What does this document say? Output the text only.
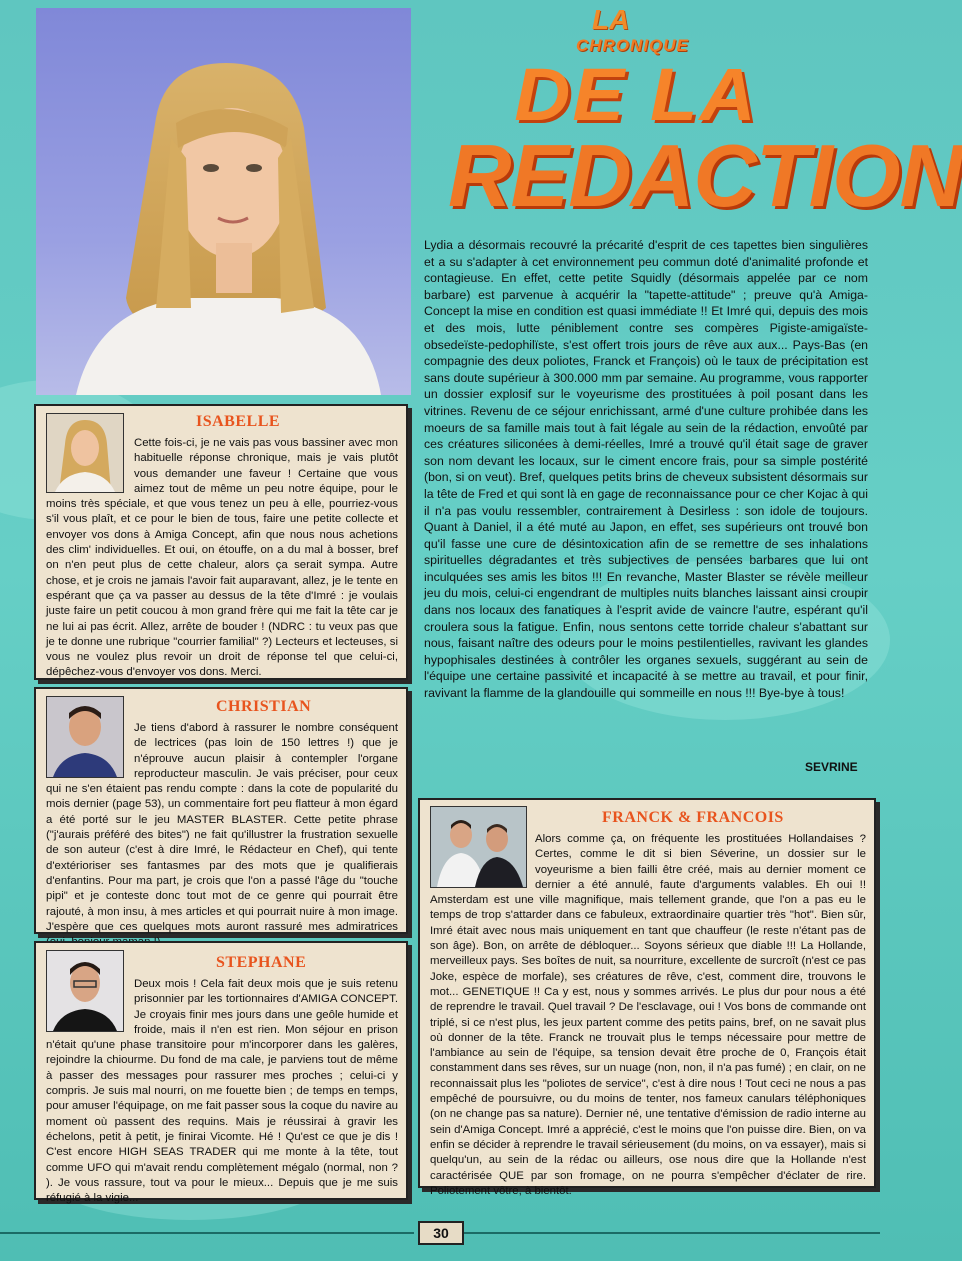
LA
CHRONIQUE
DE LA
REDACTION

Lydia a désormais recouvré la précarité d'esprit de ces tapettes bien singulières et a su s'adapter à cet environnement peu commun doté d'animalité profonde et contagieuse. En effet, cette petite Squidly (désormais appelée par ce nom barbare) est parvenue à acquérir la "tapette-attitude" ; preuve qu'à Amiga-Concept la mise en condition est quasi immédiate !! Et Imré qui, depuis des mois et des mois, lutte péniblement contre ses compères Pigiste-amigaïste-obsedeïste-pedophilïste, s'est offert trois jours de rêve aux aux... Pays-Bas (en compagnie des deux poliotes, Franck et François) où le taux de précipitation est sans doute supérieur à 300.000 mm par semaine. Au programme, vous rapporter un dossier explosif sur le voyeurisme des prostituées à poil posant dans les vitrines. Revenu de ce séjour enrichissant, armé d'une culture prohibée dans les moeurs de sa famille mais tout à fait légale au sein de la rédaction, envoûté par ces créatures siliconées à demi-réelles, Imré a trouvé qu'il était sage de graver son nom devant les locaux, sur le ciment encore frais, pour sa simple postérité (bon, si on veut). Bref, quelques petits brins de cheveux subsistent désormais sur la tête de Fred et qui sont là en gage de reconnaissance pour ce cher Kojac à qui il n'a pas voulu ressembler, contrairement à Desirless : son idole de toujours. Quant à Daniel, il a été muté au Japon, en effet, ses supérieurs ont trouvé bon qu'il fasse une cure de désintoxication afin de se remettre de ses inhalations spirituelles dégradantes et très subjectives de pensées barbares que lui ont inculquées ses amis les bitos !!! En revanche, Master Blaster se révèle meilleur jeu du mois, celui-ci engendrant de multiples nuits blanches laissant ainsi croupir dans nos locaux des fanatiques à l'esprit avide de vaincre l'autre, espérant qu'il croulera sous la fatigue. Enfin, nous sentons cette torride chaleur s'abattant sur nous, faisant naître des odeurs pour le moins pestilentielles, ravivant les glandes hypophisales destinées à contrôler les organes sexuels, suggérant au sein de l'équipe une certaine passivité et incapacité à se mettre au travail, et pour finir, ravivant la flamme de la glandouille qui sommeille en nous !!! Bye-bye à tous!

SEVRINE
ISABELLE
Cette fois-ci, je ne vais pas vous bassiner avec mon habituelle réponse chronique, mais je vais plutôt vous demander une faveur ! Certaine que vous aimez tout de même un peu notre équipe, pour le moins très spéciale, et que vous tenez un peu à elle, pourriez-vous s'il vous plaît, et ce pour le bien de tous, faire une petite collecte et envoyer vos dons à Amiga Concept, afin que nous nous achetions des clim' individuelles. Et oui, on étouffe, on a du mal à bosser, bref on n'en peut plus de cette chaleur, alors ça serait sympa. Autre chose, et je crois ne jamais l'avoir fait auparavant, allez, je le tente en espérant que ça va passer au dessus de la tête d'Imré : je voulais juste faire un petit coucou à mon grand frère qui me fait la tête car je ne lui ai pas écrit. Allez, arrête de bouder ! (NDRC : tu veux pas que je te donne une rubrique "courrier familial" ?) Lecteurs et lecteuses, si vous ne voulez plus revoir un droit de réponse tel que celui-ci, dépêchez-vous d'envoyer vos dons. Merci.
CHRISTIAN
Je tiens d'abord à rassurer le nombre conséquent de lectrices (pas loin de 150 lettres !) que je n'éprouve aucun plaisir à contempler l'organe reproducteur masculin. Je vais préciser, pour ceux qui ne s'en étaient pas rendu compte : dans la cote de popularité du mois dernier (page 53), un commentaire fort peu flatteur à mon égard a été porté sur le jeu MASTER BLASTER. Cette petite phrase ("j'aurais préféré des bites") ne fait qu'illustrer la frustration sexuelle de son auteur (c'est à dire Imré, le Rédacteur en Chef), qui tente d'extérioriser ses fantasmes par des mots que je qualifierais d'enfantins. Pour ma part, je crois que l'on a passé l'âge du "touche pipi" et je conteste donc tout mot de ce genre qui pourrait être rajouté, à mon insu, à mes articles et qui pourrait nuire à mon image. J'espère que ces quelques mots auront rassuré mes admiratrices
STEPHANE
Deux mois ! Cela fait deux mois que je suis retenu prisonnier par les tortionnaires d'AMIGA CONCEPT. Je croyais finir mes jours dans une geôle humide et froide, mais il n'en est rien. Mon séjour en prison n'était qu'une phase transitoire pour m'incorporer dans les galères, rejoindre la chiourme. Du fond de ma cale, je parviens tout de même à passer des messages pour rassurer mes proches ; celui-ci y compris. Je suis mal nourri, on me fouette bien ; de temps en temps, pour amuser l'équipage, on me fait passer sous la coque du navire au moment où passent des requins. Mais je réussirai à gravir les échelons, petit à petit, je finirai Vicomte. Hé ! Qu'est ce que je dis ! C'est encore HIGH SEAS TRADER qui me monte à la tête, tout comme UFO qui m'avait rendu complètement mégalo (normal, non ? ). Je vous rassure, tout va pour le mieux... Depuis que je me suis réfugié à la vigie...
FRANCK & FRANCOIS
Alors comme ça, on fréquente les prostituées Hollandaises ? Certes, comme le dit si bien Séverine, un dossier sur le voyeurisme a bien failli être créé, mais au dernier moment ce dernier a été annulé, faute d'arguments valables. Eh oui !! Amsterdam est une ville magnifique, mais tellement grande, que l'on a pas eu le temps de trop s'attarder dans ce fabuleux, extraordinaire quartier très "hot". Bien sûr, Imré était avec nous mais uniquement en tant que chauffeur (le reste n'étant pas de son âge). Bon, on arrête de débloquer... Soyons sérieux que diable !!! La Hollande, merveilleux pays. Ses boîtes de nuit, sa nourriture, excellente de surcroît (n'est ce pas Joke, espèce de morfale), ses créatures de rêve, c'est, comment dire, trouvons le mot... GENETIQUE !! Ca y est, nous y sommes arrivés. Le plus dur pour nous a été de reprendre le travail. Quel travail ? De l'esclavage, oui ! Vos bons de commande ont triplé, si ce n'est plus, les jeux partent comme des petits pains, bref, on ne savait plus où donner de la tête. Franck ne trouvait plus le temps nécessaire pour mettre de l'ambiance au sein de l'équipe, sa tension devait être proche de 0, François était constamment dans ses rêves, sur un nuage (non, non, il n'a pas fumé) ; en clair, on ne reconnaissait plus les "poliotes de service", c'est à dire nous ! Tout ceci ne nous a pas empêché de poursuivre, ou du moins de tenter, nos fameux canulars téléphoniques (on ne change pas sa nature). Dernier né, une tentative d'émission de radio interne au sein d'Amiga Concept. Imré a apprécié, c'est le moins que l'on puisse dire. Bien, on va enfin se décider à reprendre le travail sérieusement (du moins, on va essayer), mais si quelqu'un, au sein de la rédac ou ailleurs, ose nous dire que la Hollande n'est caractérisée QUE par son fromage, on ne pourra s'empêcher d'éclater de rire. Poliotement vôtre, à bientôt.
30
